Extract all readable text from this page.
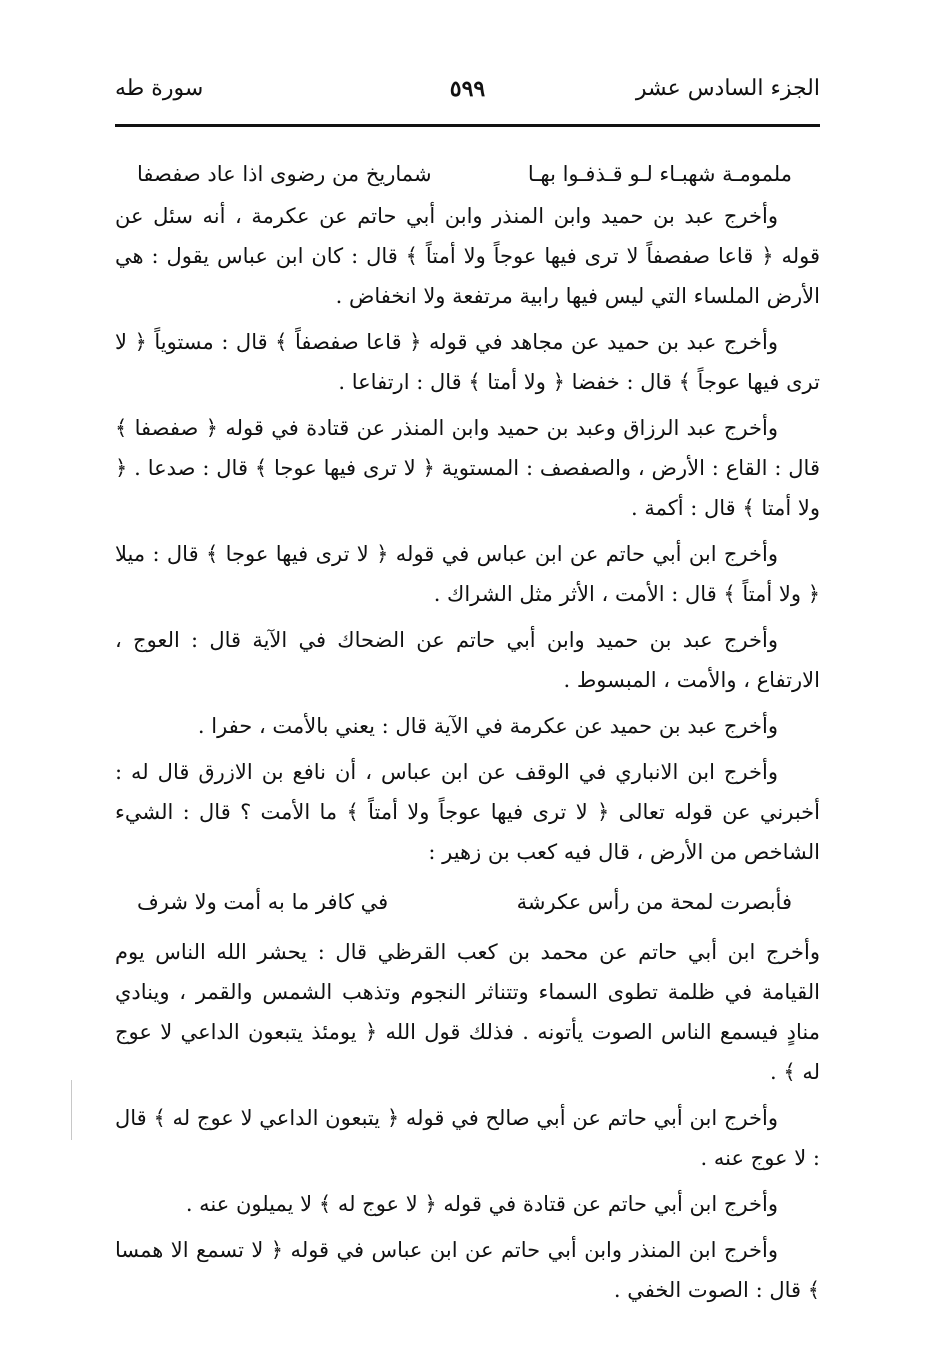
الجزء السادس عشر
٥٩٩
سورة طه
ملمومـة شهبـاء لـو قـذفـوا بهـا
شماريخ من رضوى اذا عاد صفصفا

وأخرج عبد بن حميد وابن المنذر وابن أبي حاتم عن عكرمة ، أنه سئل عن قوله ﴿ قاعا صفصفاً لا ترى فيها عوجاً ولا أمتاً ﴾ قال : كان ابن عباس يقول : هي الأرض الملساء التي ليس فيها رابية مرتفعة ولا انخفاض .

وأخرج عبد بن حميد عن مجاهد في قوله ﴿ قاعا صفصفاً ﴾ قال : مستوياً ﴿ لا ترى فيها عوجاً ﴾ قال : خفضا ﴿ ولا أمتا ﴾ قال : ارتفاعا .

وأخرج عبد الرزاق وعبد بن حميد وابن المنذر عن قتادة في قوله ﴿ صفصفا ﴾ قال : القاع : الأرض ، والصفصف : المستوية ﴿ لا ترى فيها عوجا ﴾ قال : صدعا . ﴿ ولا أمتا ﴾ قال : أكمة .

وأخرج ابن أبي حاتم عن ابن عباس في قوله ﴿ لا ترى فيها عوجا ﴾ قال : ميلا ﴿ ولا أمتاً ﴾ قال : الأمت ، الأثر مثل الشراك .

وأخرج عبد بن حميد وابن أبي حاتم عن الضحاك في الآية قال : العوج ، الارتفاع ، والأمت ، المبسوط .

وأخرج عبد بن حميد عن عكرمة في الآية قال : يعني بالأمت ، حفرا .

وأخرج ابن الانباري في الوقف عن ابن عباس ، أن نافع بن الازرق قال له : أخبرني عن قوله تعالى ﴿ لا ترى فيها عوجاً ولا أمتاً ﴾ ما الأمت ؟ قال : الشيء الشاخص من الأرض ، قال فيه كعب بن زهير :

فأبصرت لمحة من رأس عكرشة
في كافر ما به أمت ولا شرف

وأخرج ابن أبي حاتم عن محمد بن كعب القرظي قال : يحشر الله الناس يوم القيامة في ظلمة تطوى السماء وتتناثر النجوم وتذهب الشمس والقمر ، وينادي منادٍ فيسمع الناس الصوت يأتونه . فذلك قول الله ﴿ يومئذ يتبعون الداعي لا عوج له ﴾ .

وأخرج ابن أبي حاتم عن أبي صالح في قوله ﴿ يتبعون الداعي لا عوج له ﴾ قال : لا عوج عنه .

وأخرج ابن أبي حاتم عن قتادة في قوله ﴿ لا عوج له ﴾ لا يميلون عنه .

وأخرج ابن المنذر وابن أبي حاتم عن ابن عباس في قوله ﴿ لا تسمع الا همسا ﴾ قال : الصوت الخفي .
